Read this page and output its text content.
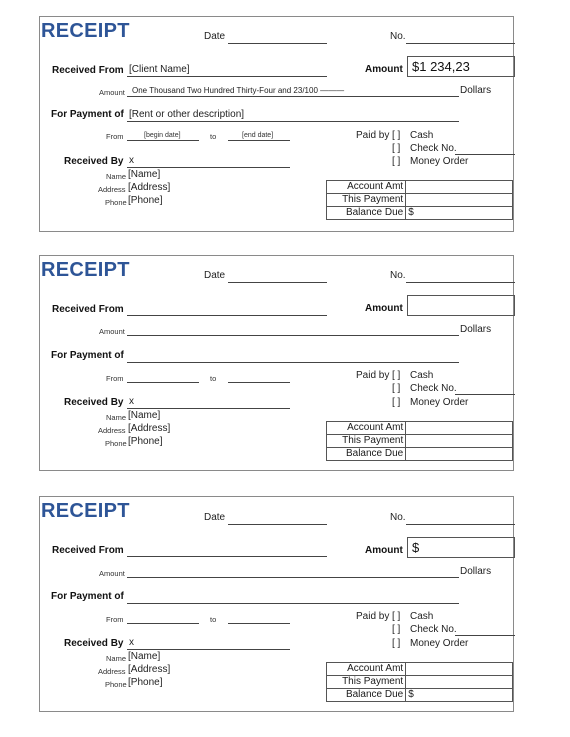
RECEIPT	Date	No.
Received From [Client Name]	Amount $1 234,23
Amount One Thousand Two Hundred Thirty-Four and 23/100 ———	Dollars
For Payment of [Rent or other description]
From	[begin date]	to	[end date]	Paid by [ ] Cash
[ ] Check No.
[ ] Money Order
Received By x
Name [Name]
Address [Address]
Phone [Phone]
Account Amt	
This Payment	
Balance Due	$
RECEIPT	Date	No.
Received From	Amount
Amount	Dollars
For Payment of
From	to	Paid by [ ] Cash
[ ] Check No.
[ ] Money Order
Received By x
Name [Name]
Address [Address]
Phone [Phone]
Account Amt	
This Payment	
Balance Due	
RECEIPT	Date	No.
Received From	Amount $
Amount	Dollars
For Payment of
From	to	Paid by [ ] Cash
[ ] Check No.
[ ] Money Order
Received By x
Name [Name]
Address [Address]
Phone [Phone]
Account Amt	
This Payment	
Balance Due	$
